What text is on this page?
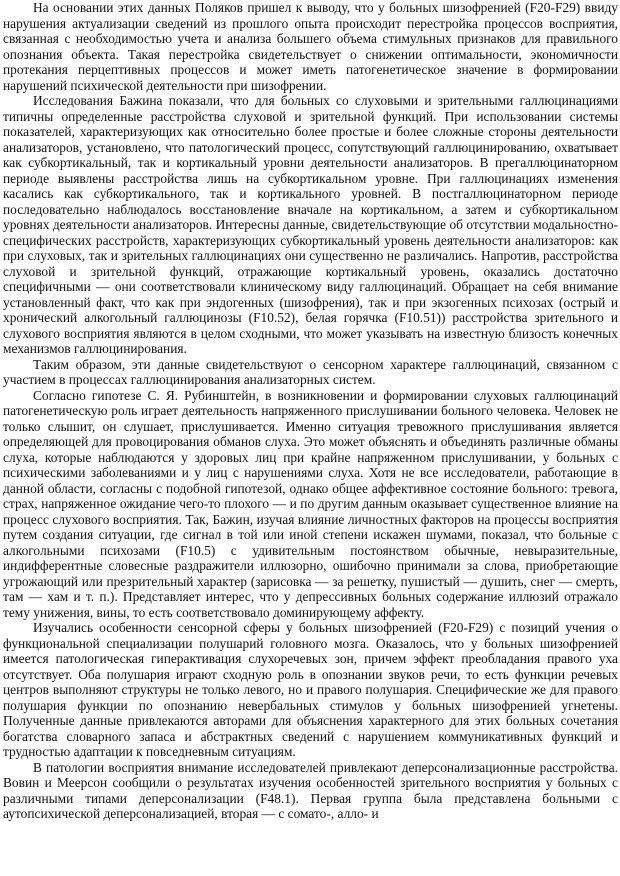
На основании этих данных Поляков пришел к выводу, что у больных шизофренией (F20-F29) ввиду нарушения актуализации сведений из прошлого опыта происходит перестройка процессов восприятия, связанная с необходимостью учета и анализа большего объема стимульных признаков для правильного опознания объекта. Такая перестройка свидетельствует о снижении оптимальности, экономичности протекания перцептивных процессов и может иметь патогенетическое значение в формировании нарушений психической деятельности при шизофрении.

Исследования Бажина показали, что для больных со слуховыми и зрительными галлюцинациями типичны определенные расстройства слуховой и зрительной функций. При использовании системы показателей, характеризующих как относительно более простые и более сложные стороны деятельности анализаторов, установлено, что патологический процесс, сопутствующий галлюцинированию, охватывает как субкортикальный, так и кортикальный уровни деятельности анализаторов. В прегаллюцинаторном периоде выявлены расстройства лишь на субкортикальном уровне. При галлюцинациях изменения касались как субкортикального, так и кортикального уровней. В постгаллюцинаторном периоде последовательно наблюдалось восстановление вначале на кортикальном, а затем и субкортикальном уровнях деятельности анализаторов. Интересны данные, свидетельствующие об отсутствии модальностно-специфических расстройств, характеризующих субкортикальный уровень деятельности анализаторов: как при слуховых, так и зрительных галлюцинациях они существенно не различались. Напротив, расстройства слуховой и зрительной функций, отражающие кортикальный уровень, оказались достаточно специфичными — они соответствовали клиническому виду галлюцинаций. Обращает на себя внимание установленный факт, что как при эндогенных (шизофрения), так и при экзогенных психозах (острый и хронический алкогольный галлюцинозы (F10.52), белая горячка (F10.51)) расстройства зрительного и слухового восприятия являются в целом сходными, что может указывать на известную близость конечных механизмов галлюцинирования.

Таким образом, эти данные свидетельствуют о сенсорном характере галлюцинаций, связанном с участием в процессах галлюцинирования анализаторных систем.

Согласно гипотезе С. Я. Рубинштейн, в возникновении и формировании слуховых галлюцинаций патогенетическую роль играет деятельность напряженного прислушивании больного человека. Человек не только слышит, он слушает, прислушивается. Именно ситуация тревожного прислушивания является определяющей для провоцирования обманов слуха. Это может объяснять и объединять различные обманы слуха, которые наблюдаются у здоровых лиц при крайне напряженном прислушивании, у больных с психическими заболеваниями и у лиц с нарушениями слуха. Хотя не все исследователи, работающие в данной области, согласны с подобной гипотезой, однако общее аффективное состояние больного: тревога, страх, напряженное ожидание чего-то плохого — и по другим данным оказывает существенное влияние на процесс слухового восприятия. Так, Бажин, изучая влияние личностных факторов на процессы восприятия путем создания ситуации, где сигнал в той или иной степени искажен шумами, показал, что больные с алкогольными психозами (F10.5) с удивительным постоянством обычные, невыразительные, индифферентные словесные раздражители иллюзорно, ошибочно принимали за слова, приобретающие угрожающий или презрительный характер (зарисовка — за решетку, пушистый — душить, снег — смерть, там — хам и т. п.). Представляет интерес, что у депрессивных больных содержание иллюзий отражало тему унижения, вины, то есть соответствовало доминирующему аффекту.

Изучались особенности сенсорной сферы у больных шизофренией (F20-F29) с позиций учения о функциональной специализации полушарий головного мозга. Оказалось, что у больных шизофренией имеется патологическая гиперактивация слухоречевых зон, причем эффект преобладания правого уха отсутствует. Оба полушария играют сходную роль в опознании звуков речи, то есть функции речевых центров выполняют структуры не только левого, но и правого полушария. Специфические же для правого полушария функции по опознанию невербальных стимулов у больных шизофренией угнетены. Полученные данные привлекаются авторами для объяснения характерного для этих больных сочетания богатства словарного запаса и абстрактных сведений с нарушением коммуникативных функций и трудностью адаптации к повседневным ситуациям.

В патологии восприятия внимание исследователей привлекают деперсонализационные расстройства. Вовин и Меерсон сообщили о результатах изучения особенностей зрительного восприятия у больных с различными типами деперсонализации (F48.1). Первая группа была представлена больными с аутопсихической деперсонализацией, вторая — с сомато-, алло- и
